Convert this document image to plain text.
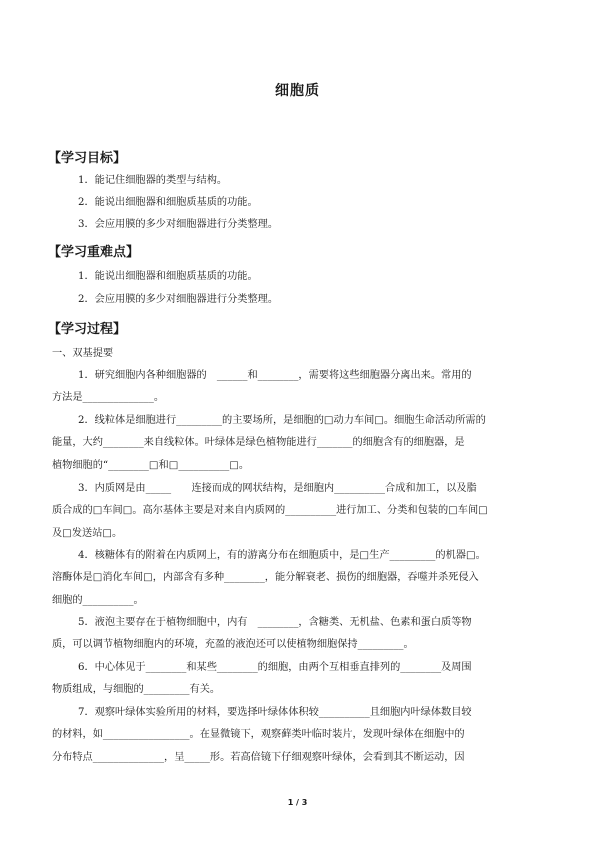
细胞质
【学习目标】
1．能记住细胞器的类型与结构。
2．能说出细胞器和细胞质基质的功能。
3．会应用膜的多少对细胞器进行分类整理。
【学习重难点】
1．能说出细胞器和细胞质基质的功能。
2．会应用膜的多少对细胞器进行分类整理。
【学习过程】
一、双基提要
1．研究细胞内各种细胞器的　______和________，需要将这些细胞器分离出来。常用的
方法是______________。
2．线粒体是细胞进行_________的主要场所，是细胞的□动力车间□。细胞生命活动所需的
能量，大约________来自线粒体。叶绿体是绿色植物能进行_______的细胞含有的细胞器，是
植物细胞的“________□和□__________□。
3．内质网是由_____　　连接而成的网状结构，是细胞内__________合成和加工，以及脂
质合成的□车间□。高尔基体主要是对来自内质网的__________进行加工、分类和包装的□车间□
及□发送站□。
4．核糖体有的附着在内质网上，有的游离分布在细胞质中，是□生产_________的机器□。
溶酶体是□消化车间□，内部含有多种________，能分解衰老、损伤的细胞器，吞噬并杀死侵入
细胞的__________。
5．液泡主要存在于植物细胞中，内有　________，含糖类、无机盐、色素和蛋白质等物
质，可以调节植物细胞内的环境，充盈的液泡还可以使植物细胞保持_________。
6．中心体见于________和某些________的细胞，由两个互相垂直排列的________及周围
物质组成，与细胞的_________有关。
7．观察叶绿体实验所用的材料，要选择叶绿体体积较__________且细胞内叶绿体数目较
的材料，如_________________。在显微镜下，观察藓类叶临时装片，发现叶绿体在细胞中的
分布特点______________，呈_____形。若高倍镜下仔细观察叶绿体，会看到其不断运动，因
1 / 3
